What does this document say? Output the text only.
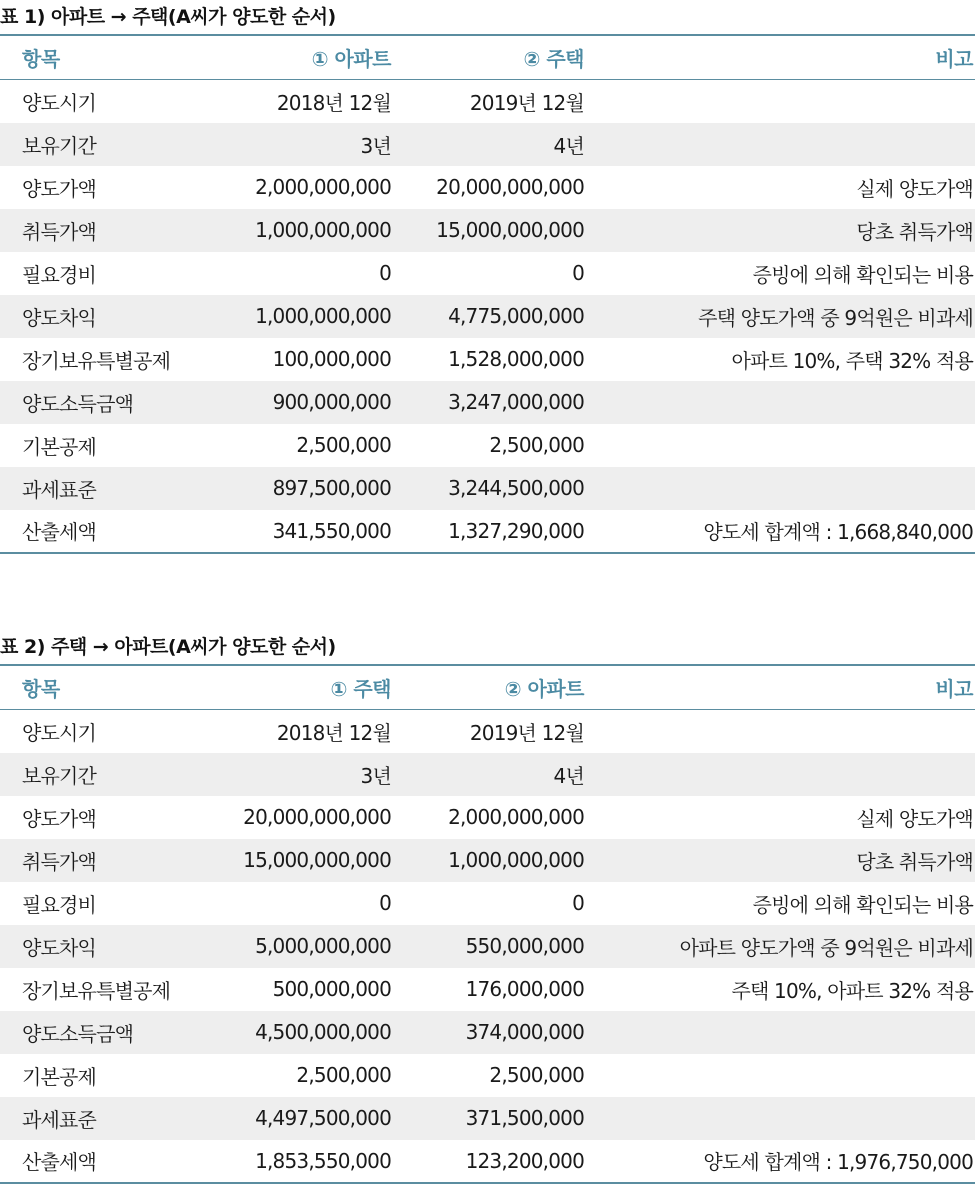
표 1) 아파트 → 주택(A씨가 양도한 순서)
항목	① 아파트	② 주택	비고
양도시기	2018년 12월	2019년 12월	
보유기간	3년	4년	
양도가액	2,000,000,000	20,000,000,000	실제 양도가액
취득가액	1,000,000,000	15,000,000,000	당초 취득가액
필요경비	0	0	증빙에 의해 확인되는 비용
양도차익	1,000,000,000	4,775,000,000	주택 양도가액 중 9억원은 비과세
장기보유특별공제	100,000,000	1,528,000,000	아파트 10%, 주택 32% 적용
양도소득금액	900,000,000	3,247,000,000	
기본공제	2,500,000	2,500,000	
과세표준	897,500,000	3,244,500,000	
산출세액	341,550,000	1,327,290,000	양도세 합계액 : 1,668,840,000
표 2) 주택 → 아파트(A씨가 양도한 순서)
항목	① 주택	② 아파트	비고
양도시기	2018년 12월	2019년 12월	
보유기간	3년	4년	
양도가액	20,000,000,000	2,000,000,000	실제 양도가액
취득가액	15,000,000,000	1,000,000,000	당초 취득가액
필요경비	0	0	증빙에 의해 확인되는 비용
양도차익	5,000,000,000	550,000,000	아파트 양도가액 중 9억원은 비과세
장기보유특별공제	500,000,000	176,000,000	주택 10%, 아파트 32% 적용
양도소득금액	4,500,000,000	374,000,000	
기본공제	2,500,000	2,500,000	
과세표준	4,497,500,000	371,500,000	
산출세액	1,853,550,000	123,200,000	양도세 합계액 : 1,976,750,000
